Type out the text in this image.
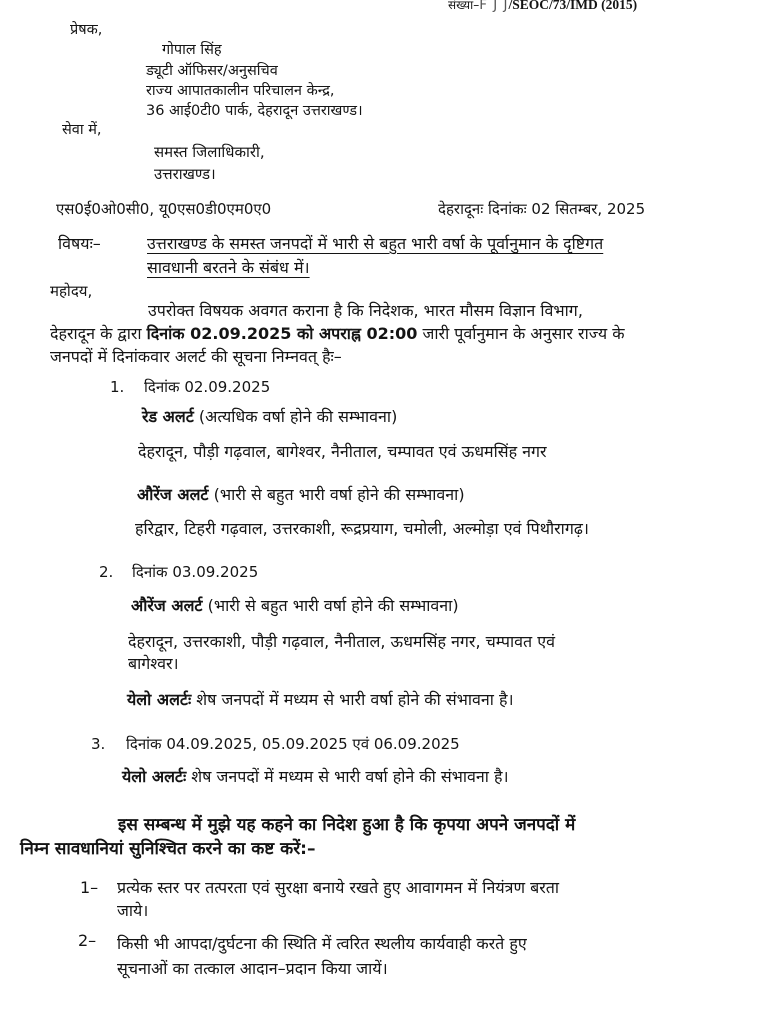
संख्या–F J J/SEOC/73/IMD (2015)
प्रेषक,
गोपाल सिंह
ड्यूटी ऑफिसर/अनुसचिव
राज्य आपातकालीन परिचालन केन्द्र,
36 आई0टी0 पार्क, देहरादून उत्तराखण्ड।
सेवा में,
समस्त जिलाधिकारी,
उत्तराखण्ड।
एस0ई0ओ0सी0, यू0एस0डी0एम0ए0	देहरादूनः दिनांकः 02 सितम्बर, 2025
विषयः–	उत्तराखण्ड के समस्त जनपदों में भारी से बहुत भारी वर्षा के पूर्वानुमान के दृष्टिगत
सावधानी बरतने के संबंध में।
महोदय,
उपरोक्त विषयक अवगत कराना है कि निदेशक, भारत मौसम विज्ञान विभाग,
देहरादून के द्वारा दिनांक 02.09.2025 को अपराह्न 02:00 जारी पूर्वानुमान के अनुसार राज्य के
जनपदों में दिनांकवार अलर्ट की सूचना निम्नवत् हैः–
1. दिनांक 02.09.2025
रेड अलर्ट (अत्यधिक वर्षा होने की सम्भावना)
देहरादून, पौड़ी गढ़वाल, बागेश्वर, नैनीताल, चम्पावत एवं ऊधमसिंह नगर
औरेंज अलर्ट (भारी से बहुत भारी वर्षा होने की सम्भावना)
हरिद्वार, टिहरी गढ़वाल, उत्तरकाशी, रूद्रप्रयाग, चमोली, अल्मोड़ा एवं पिथौरागढ़।
2. दिनांक 03.09.2025
औरेंज अलर्ट (भारी से बहुत भारी वर्षा होने की सम्भावना)
देहरादून, उत्तरकाशी, पौड़ी गढ़वाल, नैनीताल, ऊधमसिंह नगर, चम्पावत एवं
बागेश्वर।
येलो अलर्टः शेष जनपदों में मध्यम से भारी वर्षा होने की संभावना है।
3. दिनांक 04.09.2025, 05.09.2025 एवं 06.09.2025
येलो अलर्टः शेष जनपदों में मध्यम से भारी वर्षा होने की संभावना है।
इस सम्बन्ध में मुझे यह कहने का निदेश हुआ है कि कृपया अपने जनपदों में
निम्न सावधानियां सुनिश्चित करने का कष्ट करें:–
1– प्रत्येक स्तर पर तत्परता एवं सुरक्षा बनाये रखते हुए आवागमन में नियंत्रण बरता
जाये।
2– किसी भी आपदा/दुर्घटना की स्थिति में त्वरित स्थलीय कार्यवाही करते हुए
सूचनाओं का तत्काल आदान–प्रदान किया जायें।
